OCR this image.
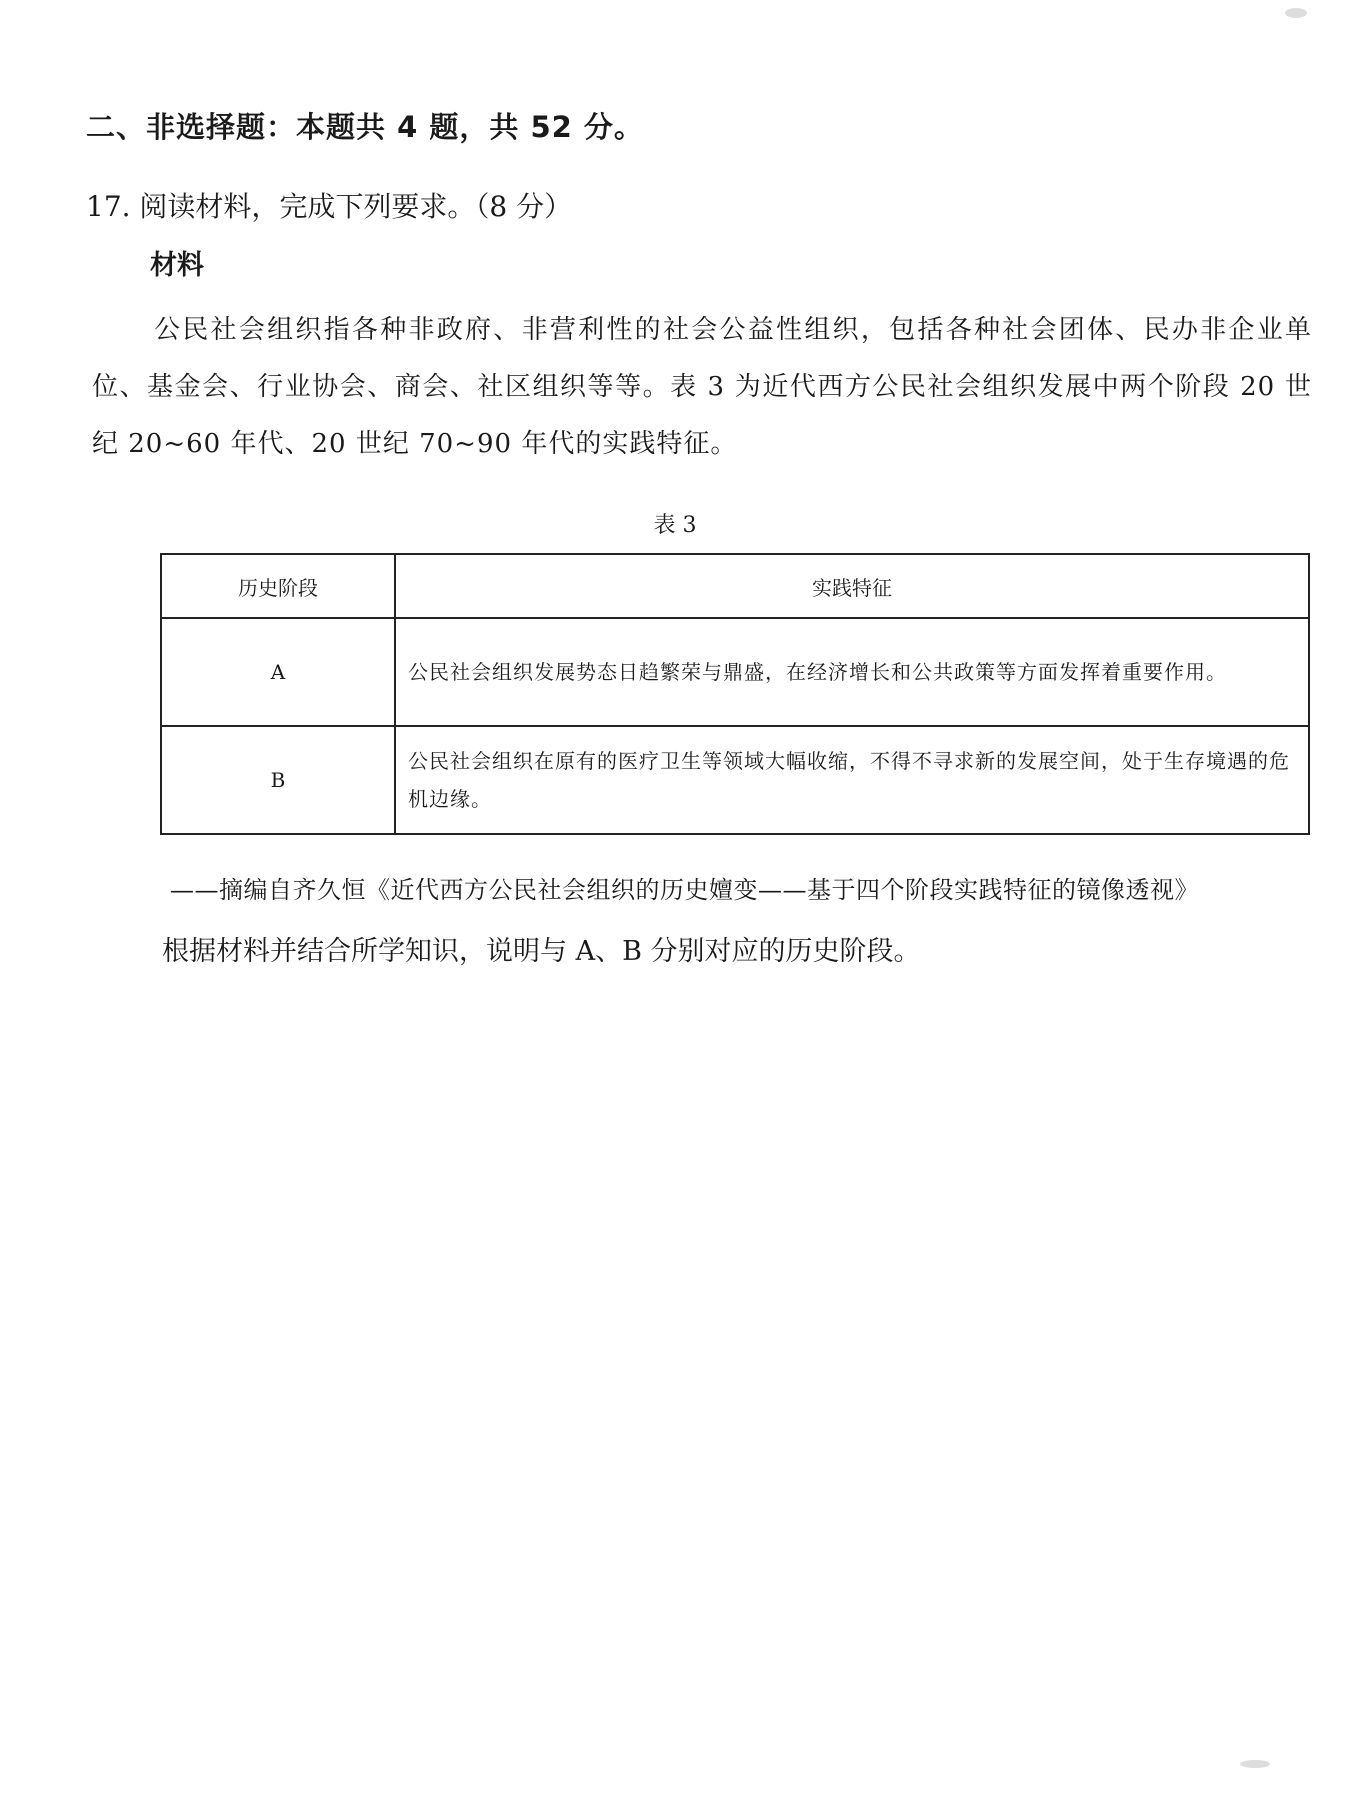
二、非选择题：本题共 4 题，共 52 分。
17. 阅读材料，完成下列要求。（8 分）
材料
公民社会组织指各种非政府、非营利性的社会公益性组织，包括各种社会团体、民办非企业单位、基金会、行业协会、商会、社区组织等等。表 3 为近代西方公民社会组织发展中两个阶段 20 世纪 20~60 年代、20 世纪 70~90 年代的实践特征。
表 3
历史阶段	实践特征
A	公民社会组织发展势态日趋繁荣与鼎盛，在经济增长和公共政策等方面发挥着重要作用。
B	公民社会组织在原有的医疗卫生等领域大幅收缩，不得不寻求新的发展空间，处于生存境遇的危机边缘。
——摘编自齐久恒《近代西方公民社会组织的历史嬗变——基于四个阶段实践特征的镜像透视》
根据材料并结合所学知识，说明与 A、B 分别对应的历史阶段。
